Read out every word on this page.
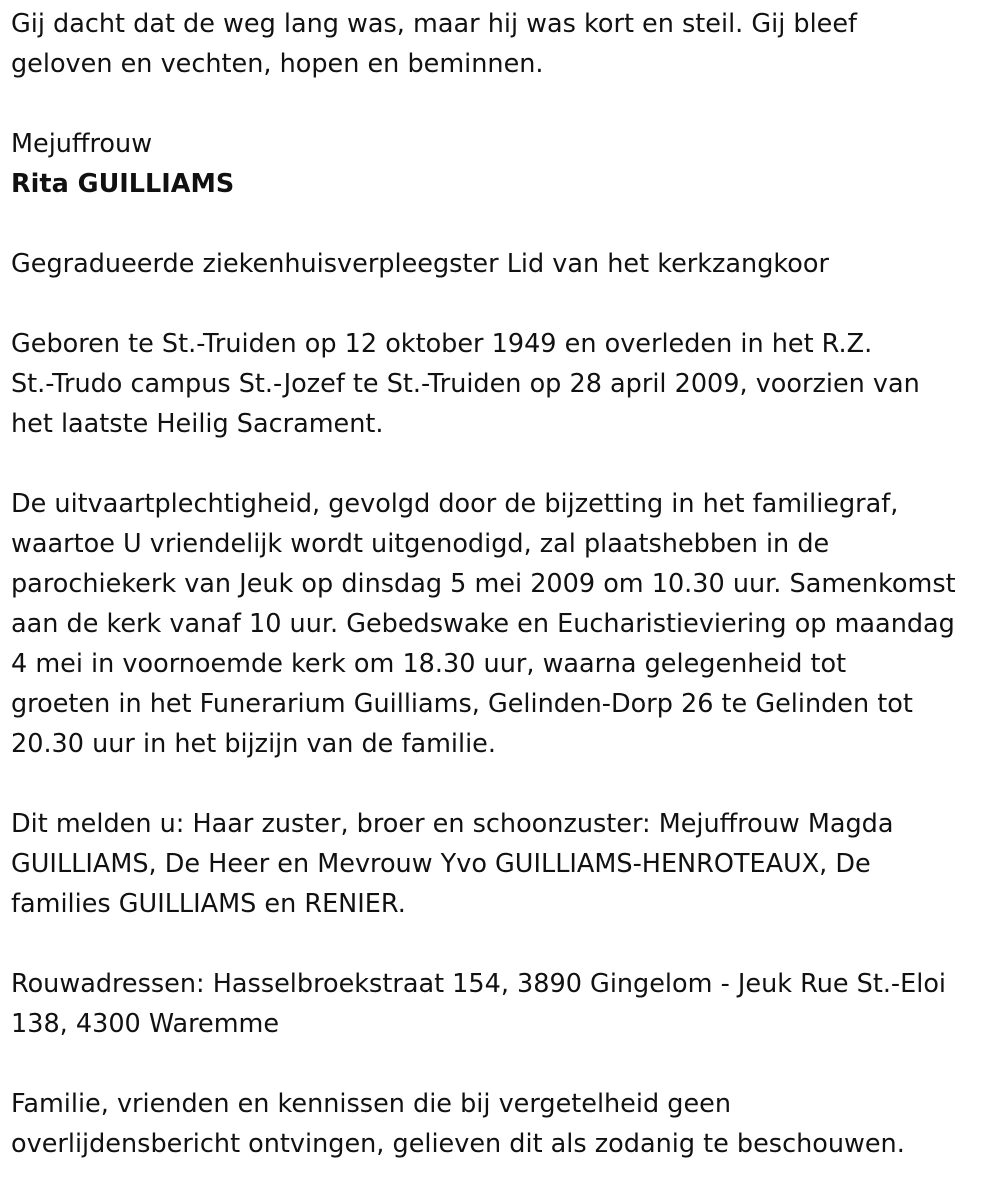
Gij dacht dat de weg lang was, maar hij was kort en steil. Gij bleef
geloven en vechten, hopen en beminnen.

Mejuffrouw

Rita GUILLIAMS

Gegradueerde ziekenhuisverpleegster Lid van het kerkzangkoor

Geboren te St.-Truiden op 12 oktober 1949 en overleden in het R.Z.
St.-Trudo campus St.-Jozef te St.-Truiden op 28 april 2009, voorzien van
het laatste Heilig Sacrament.

De uitvaartplechtigheid, gevolgd door de bijzetting in het familiegraf,
waartoe U vriendelijk wordt uitgenodigd, zal plaatshebben in de
parochiekerk van Jeuk op dinsdag 5 mei 2009 om 10.30 uur. Samenkomst
aan de kerk vanaf 10 uur. Gebedswake en Eucharistieviering op maandag
4 mei in voornoemde kerk om 18.30 uur, waarna gelegenheid tot
groeten in het Funerarium Guilliams, Gelinden-Dorp 26 te Gelinden tot
20.30 uur in het bijzijn van de familie.

Dit melden u: Haar zuster, broer en schoonzuster: Mejuffrouw Magda
GUILLIAMS, De Heer en Mevrouw Yvo GUILLIAMS-HENROTEAUX, De
families GUILLIAMS en RENIER.

Rouwadressen: Hasselbroekstraat 154, 3890 Gingelom - Jeuk Rue St.-Eloi
138, 4300 Waremme

Familie, vrienden en kennissen die bij vergetelheid geen
overlijdensbericht ontvingen, gelieven dit als zodanig te beschouwen.
